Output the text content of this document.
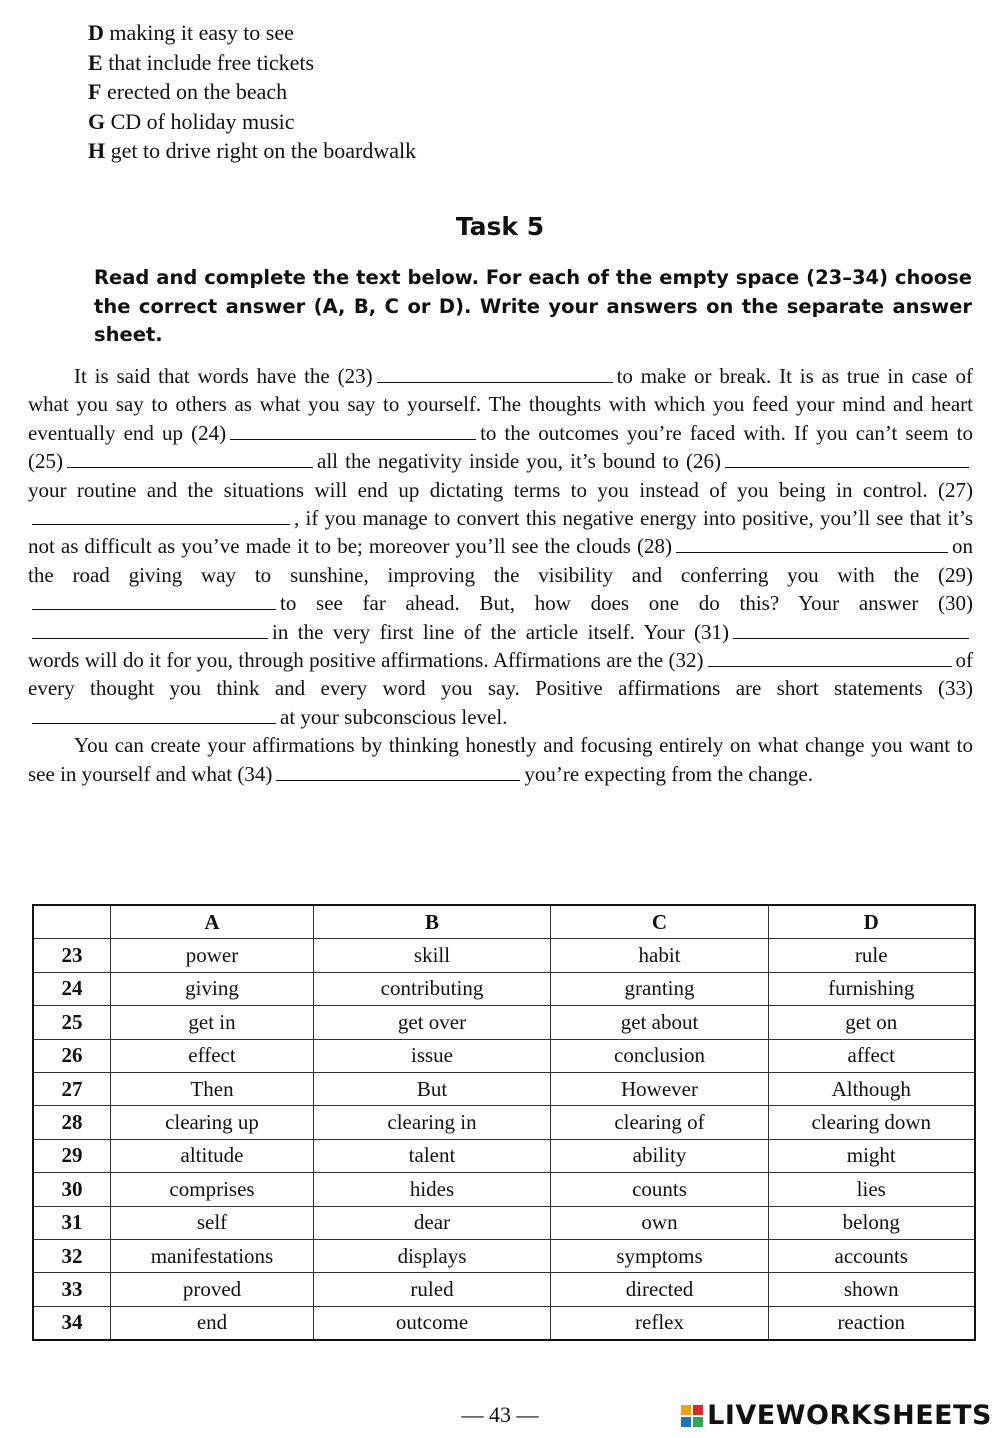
D making it easy to see
E that include free tickets
F erected on the beach
G CD of holiday music
H get to drive right on the boardwalk
Task 5
Read and complete the text below. For each of the empty space (23–34) choose the correct answer (A, B, C or D). Write your answers on the separate answer sheet.

It is said that words have the (23)	to make or break. It is as true in case of what you say to others as what you say to yourself. The thoughts with which you feed your mind and heart eventually end up (24)	to the outcomes you’re faced with. If you can’t seem to (25)	all the negativity inside you, it’s bound to (26)your routine and the situations will end up dictating terms to you instead of you being in control. (27), if you manage to convert this negative energy into positive, you’ll see that it’s not as difficult as you’ve made it to be; moreover you’ll see the clouds (28)	on the road giving way to sunshine, improving the visibility and conferring you with the (29)to see far ahead. But, how does one do this? Your answer (30)in the very first line of the article itself. Your (31)words will do it for you, through positive affirmations. Affirmations are the (32)	of every thought you think and every word you say. Positive affirmations are short statements (33)at your subconscious level.

You can create your affirmations by thinking honestly and focusing entirely on what change you want to see in yourself and what (34)	you’re expecting from the change.

	A	B	C	D
23	power	skill	habit	rule
24	giving	contributing	granting	furnishing
25	get in	get over	get about	get on
26	effect	issue	conclusion	affect
27	Then	But	However	Although
28	clearing up	clearing in	clearing of	clearing down
29	altitude	talent	ability	might
30	comprises	hides	counts	lies
31	self	dear	own	belong
32	manifestations	displays	symptoms	accounts
33	proved	ruled	directed	shown
34	end	outcome	reflex	reaction
— 43 —	LIVEWORKSHEETS
